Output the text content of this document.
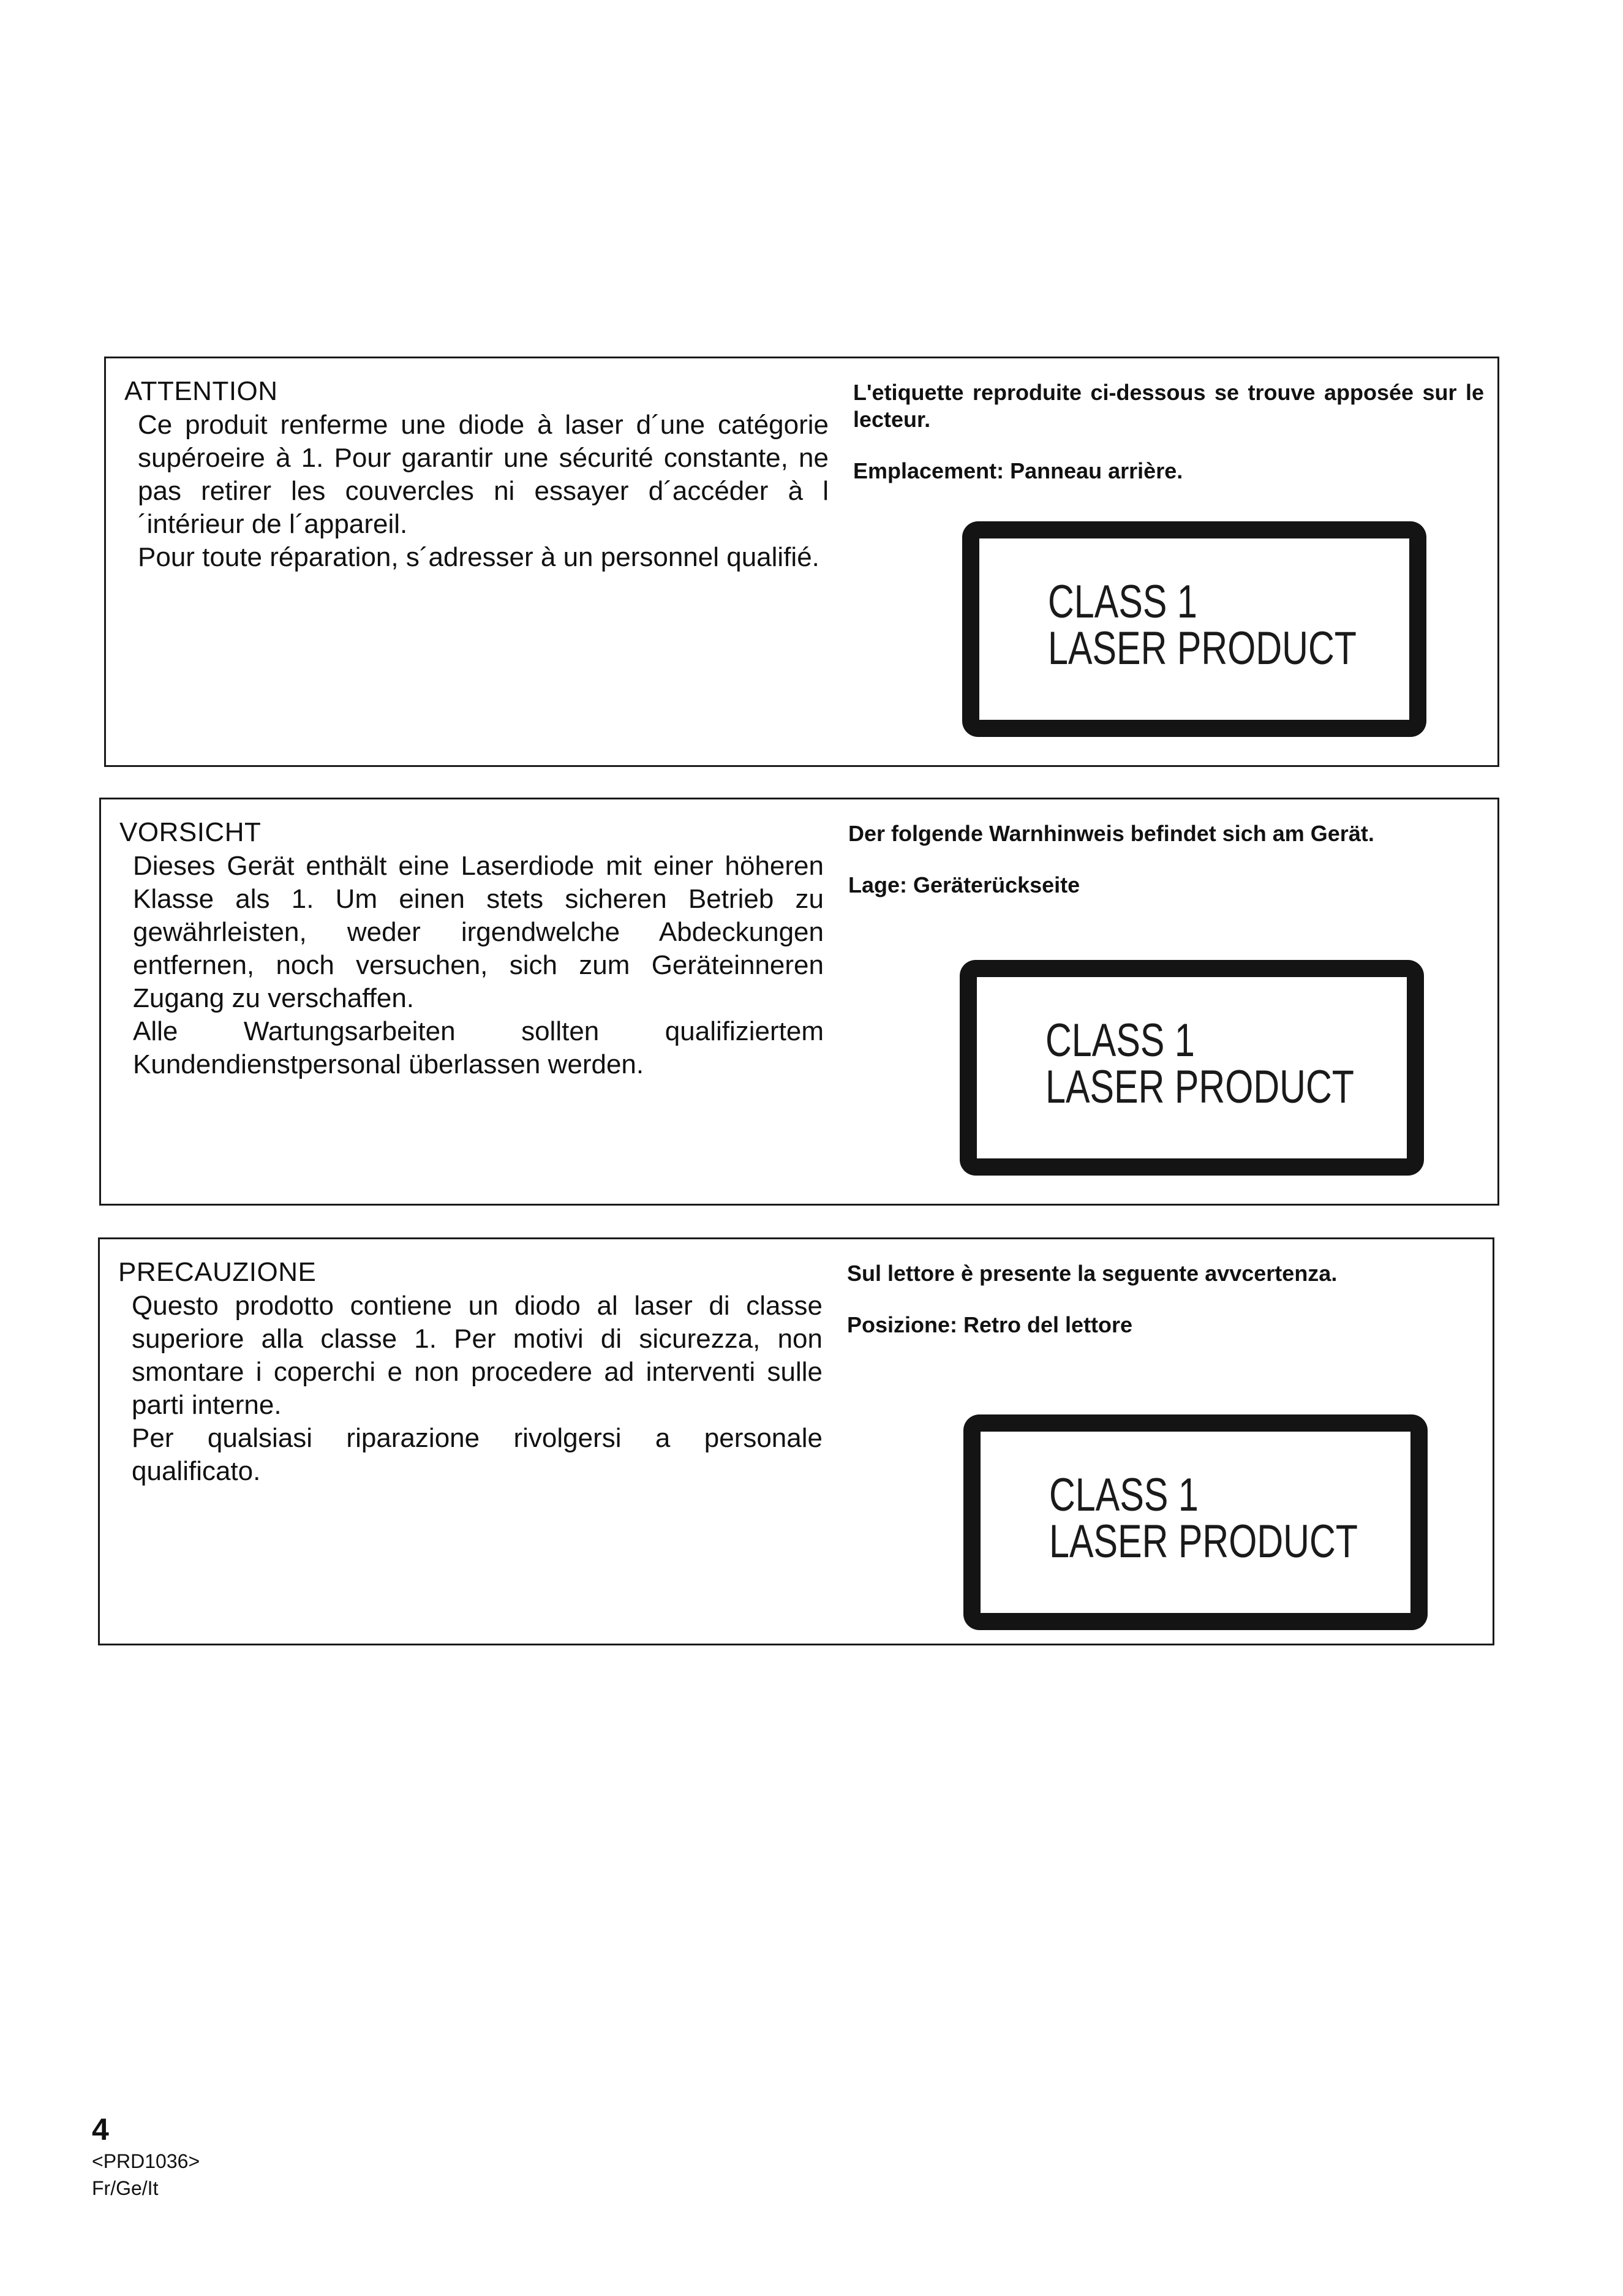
ATTENTION

Ce produit renferme une diode à laser d´une catégorie supéroeire à 1. Pour garantir une sécurité constante, ne pas retirer les couvercles ni essayer d´accéder à l´intérieur de l´appareil.

Pour toute réparation, s´adresser à un personnel qualifié.

L'etiquette reproduite ci-dessous se trouve apposée sur le lecteur.

Emplacement: Panneau arrière.

CLASS 1
LASER PRODUCT
VORSICHT

Dieses Gerät enthält eine Laserdiode mit einer höheren Klasse als 1. Um einen stets sicheren Betrieb zu gewährleisten, weder irgendwelche Abdeckungen entfernen, noch versuchen, sich zum Geräteinneren Zugang zu verschaffen.

Alle Wartungsarbeiten sollten qualifiziertem Kundendienstpersonal überlassen werden.

Der folgende Warnhinweis befindet sich am Gerät.

Lage: Geräterückseite

CLASS 1
LASER PRODUCT
PRECAUZIONE

Questo prodotto contiene un diodo al laser di classe superiore alla classe 1. Per motivi di sicurezza, non smontare i coperchi e non procedere ad interventi sulle parti interne.

Per qualsiasi riparazione rivolgersi a personale qualificato.

Sul lettore è presente la seguente avvcertenza.

Posizione: Retro del lettore

CLASS 1
LASER PRODUCT
4
<PRD1036>
Fr/Ge/It
